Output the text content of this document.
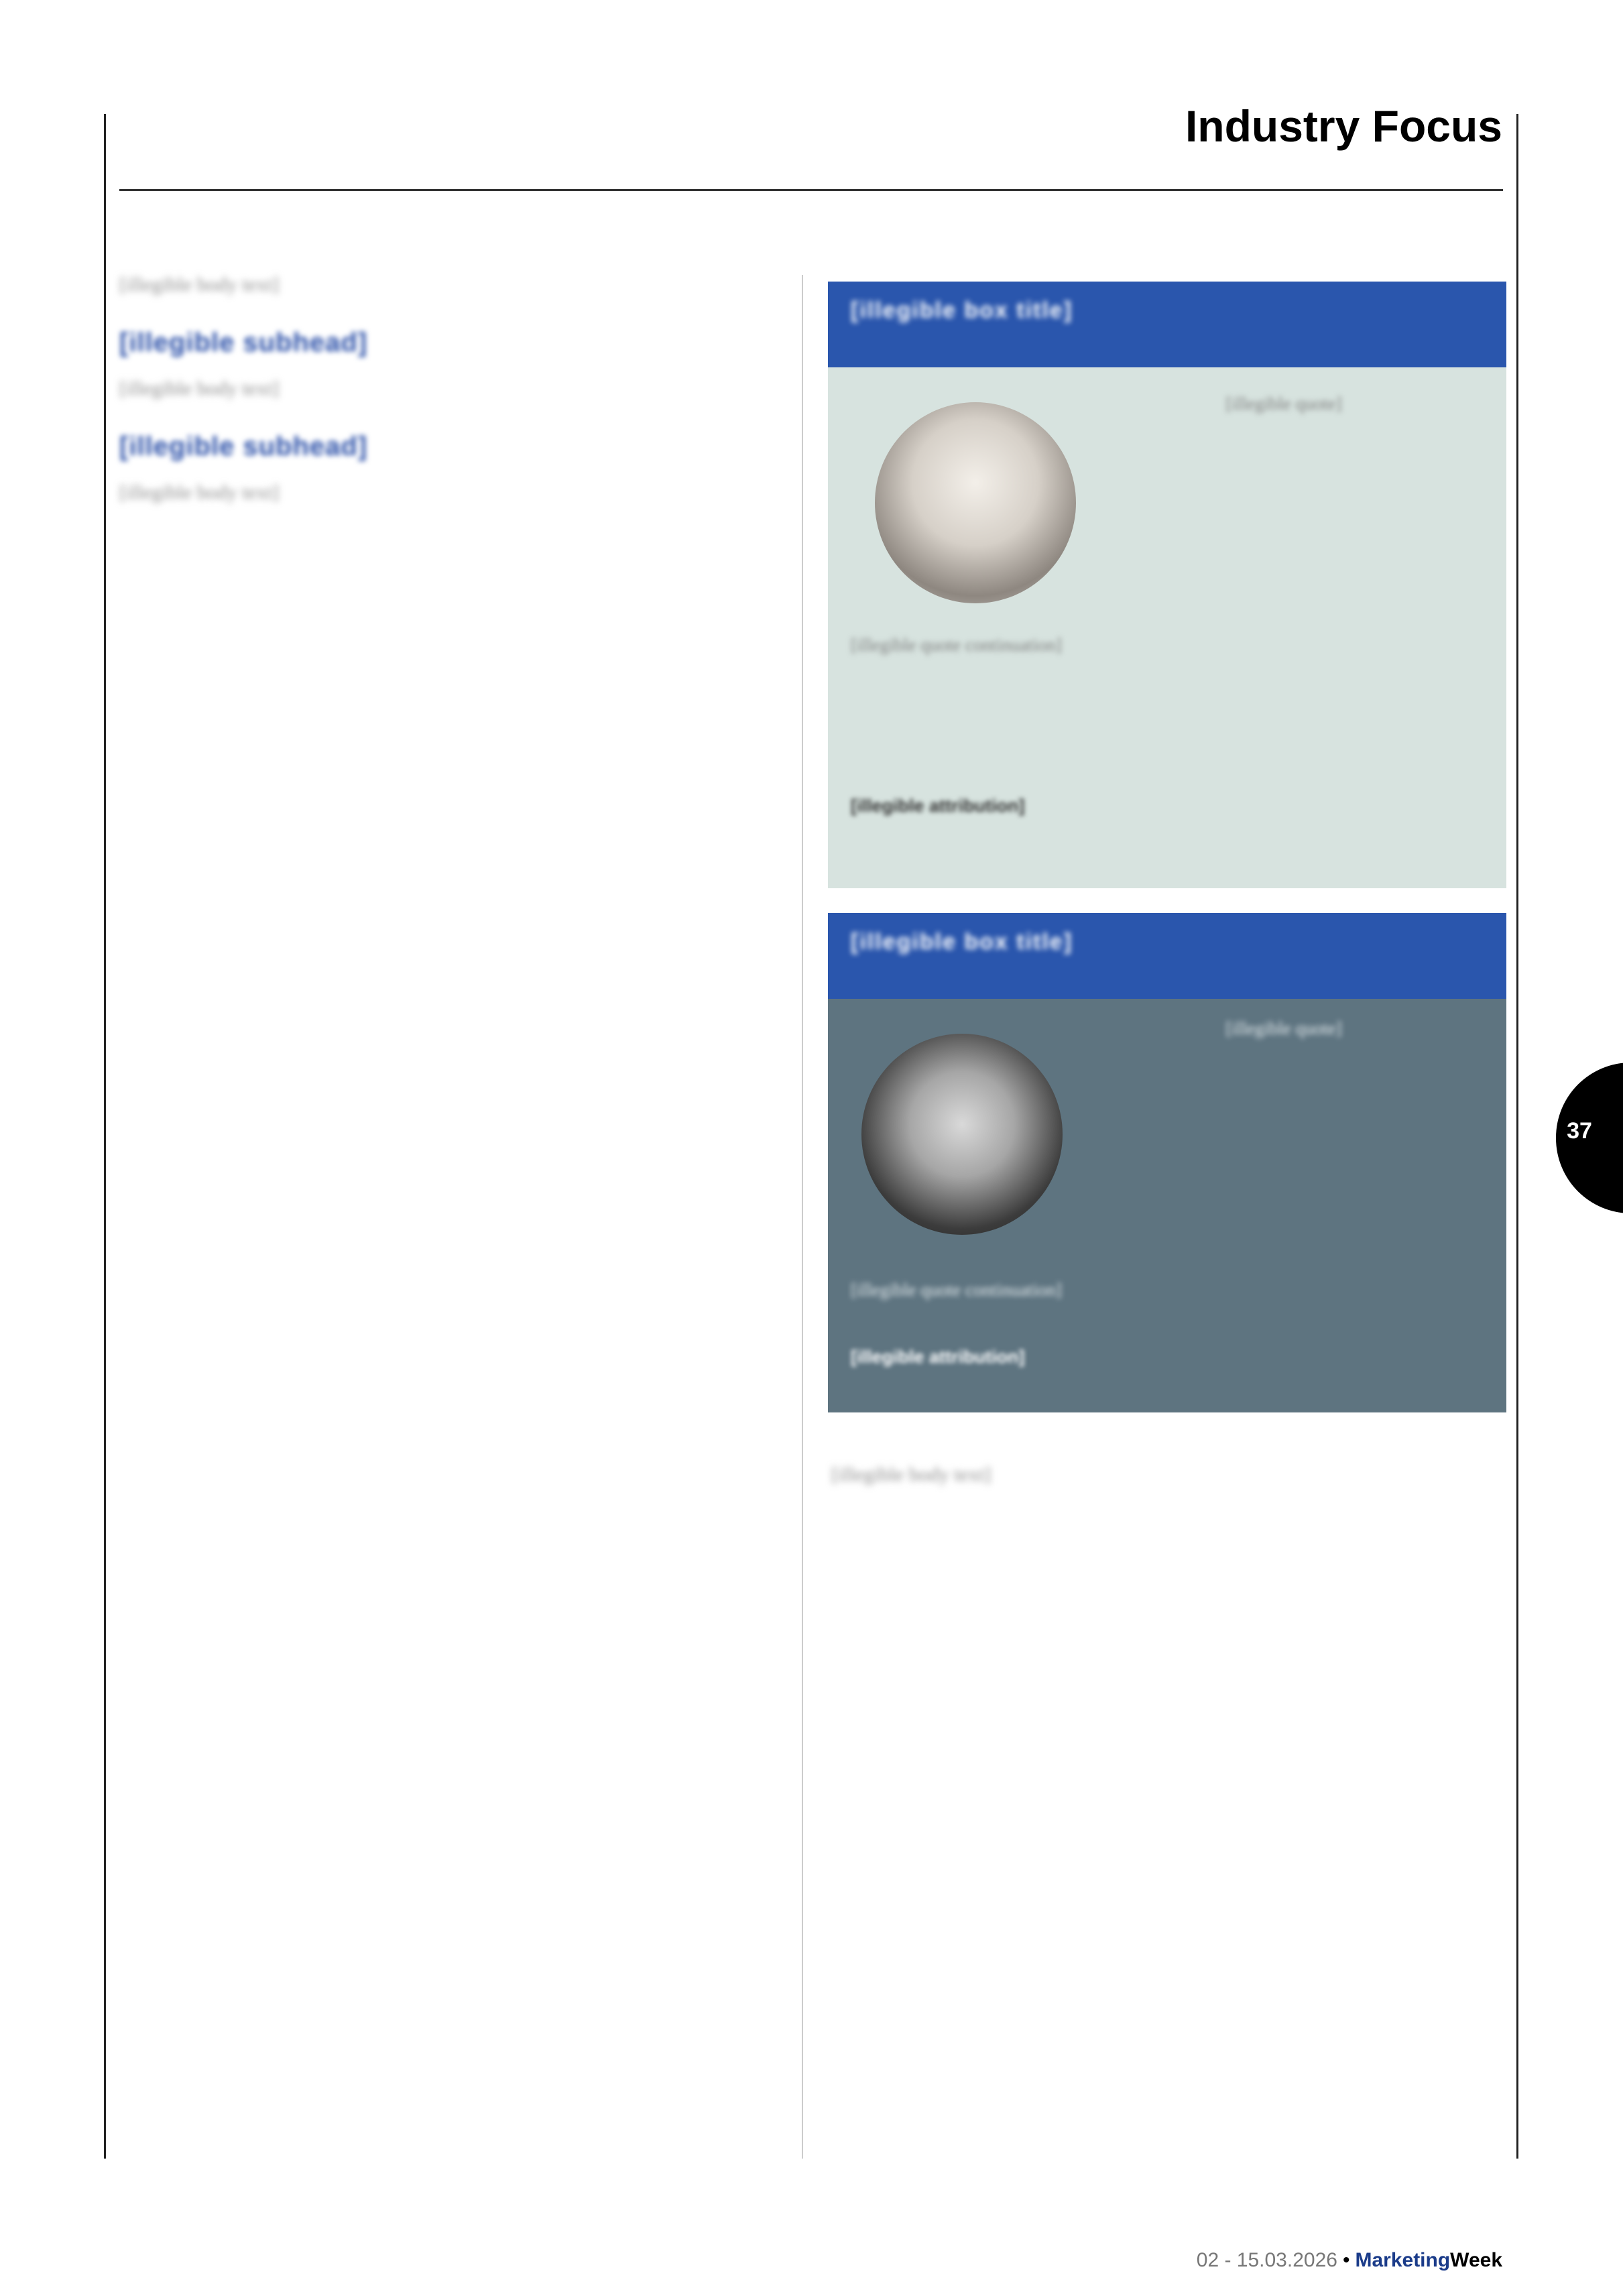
Industry Focus

[illegible body text]

[illegible subhead]

[illegible body text]

[illegible subhead]

[illegible body text]

[illegible box title]
[illegible quote]
[illegible quote continuation]
[illegible attribution]
[illegible box title]
[illegible quote]
[illegible quote continuation]
[illegible attribution]

[illegible body text]

37
02 - 15.03.2026 • MarketingWeek
